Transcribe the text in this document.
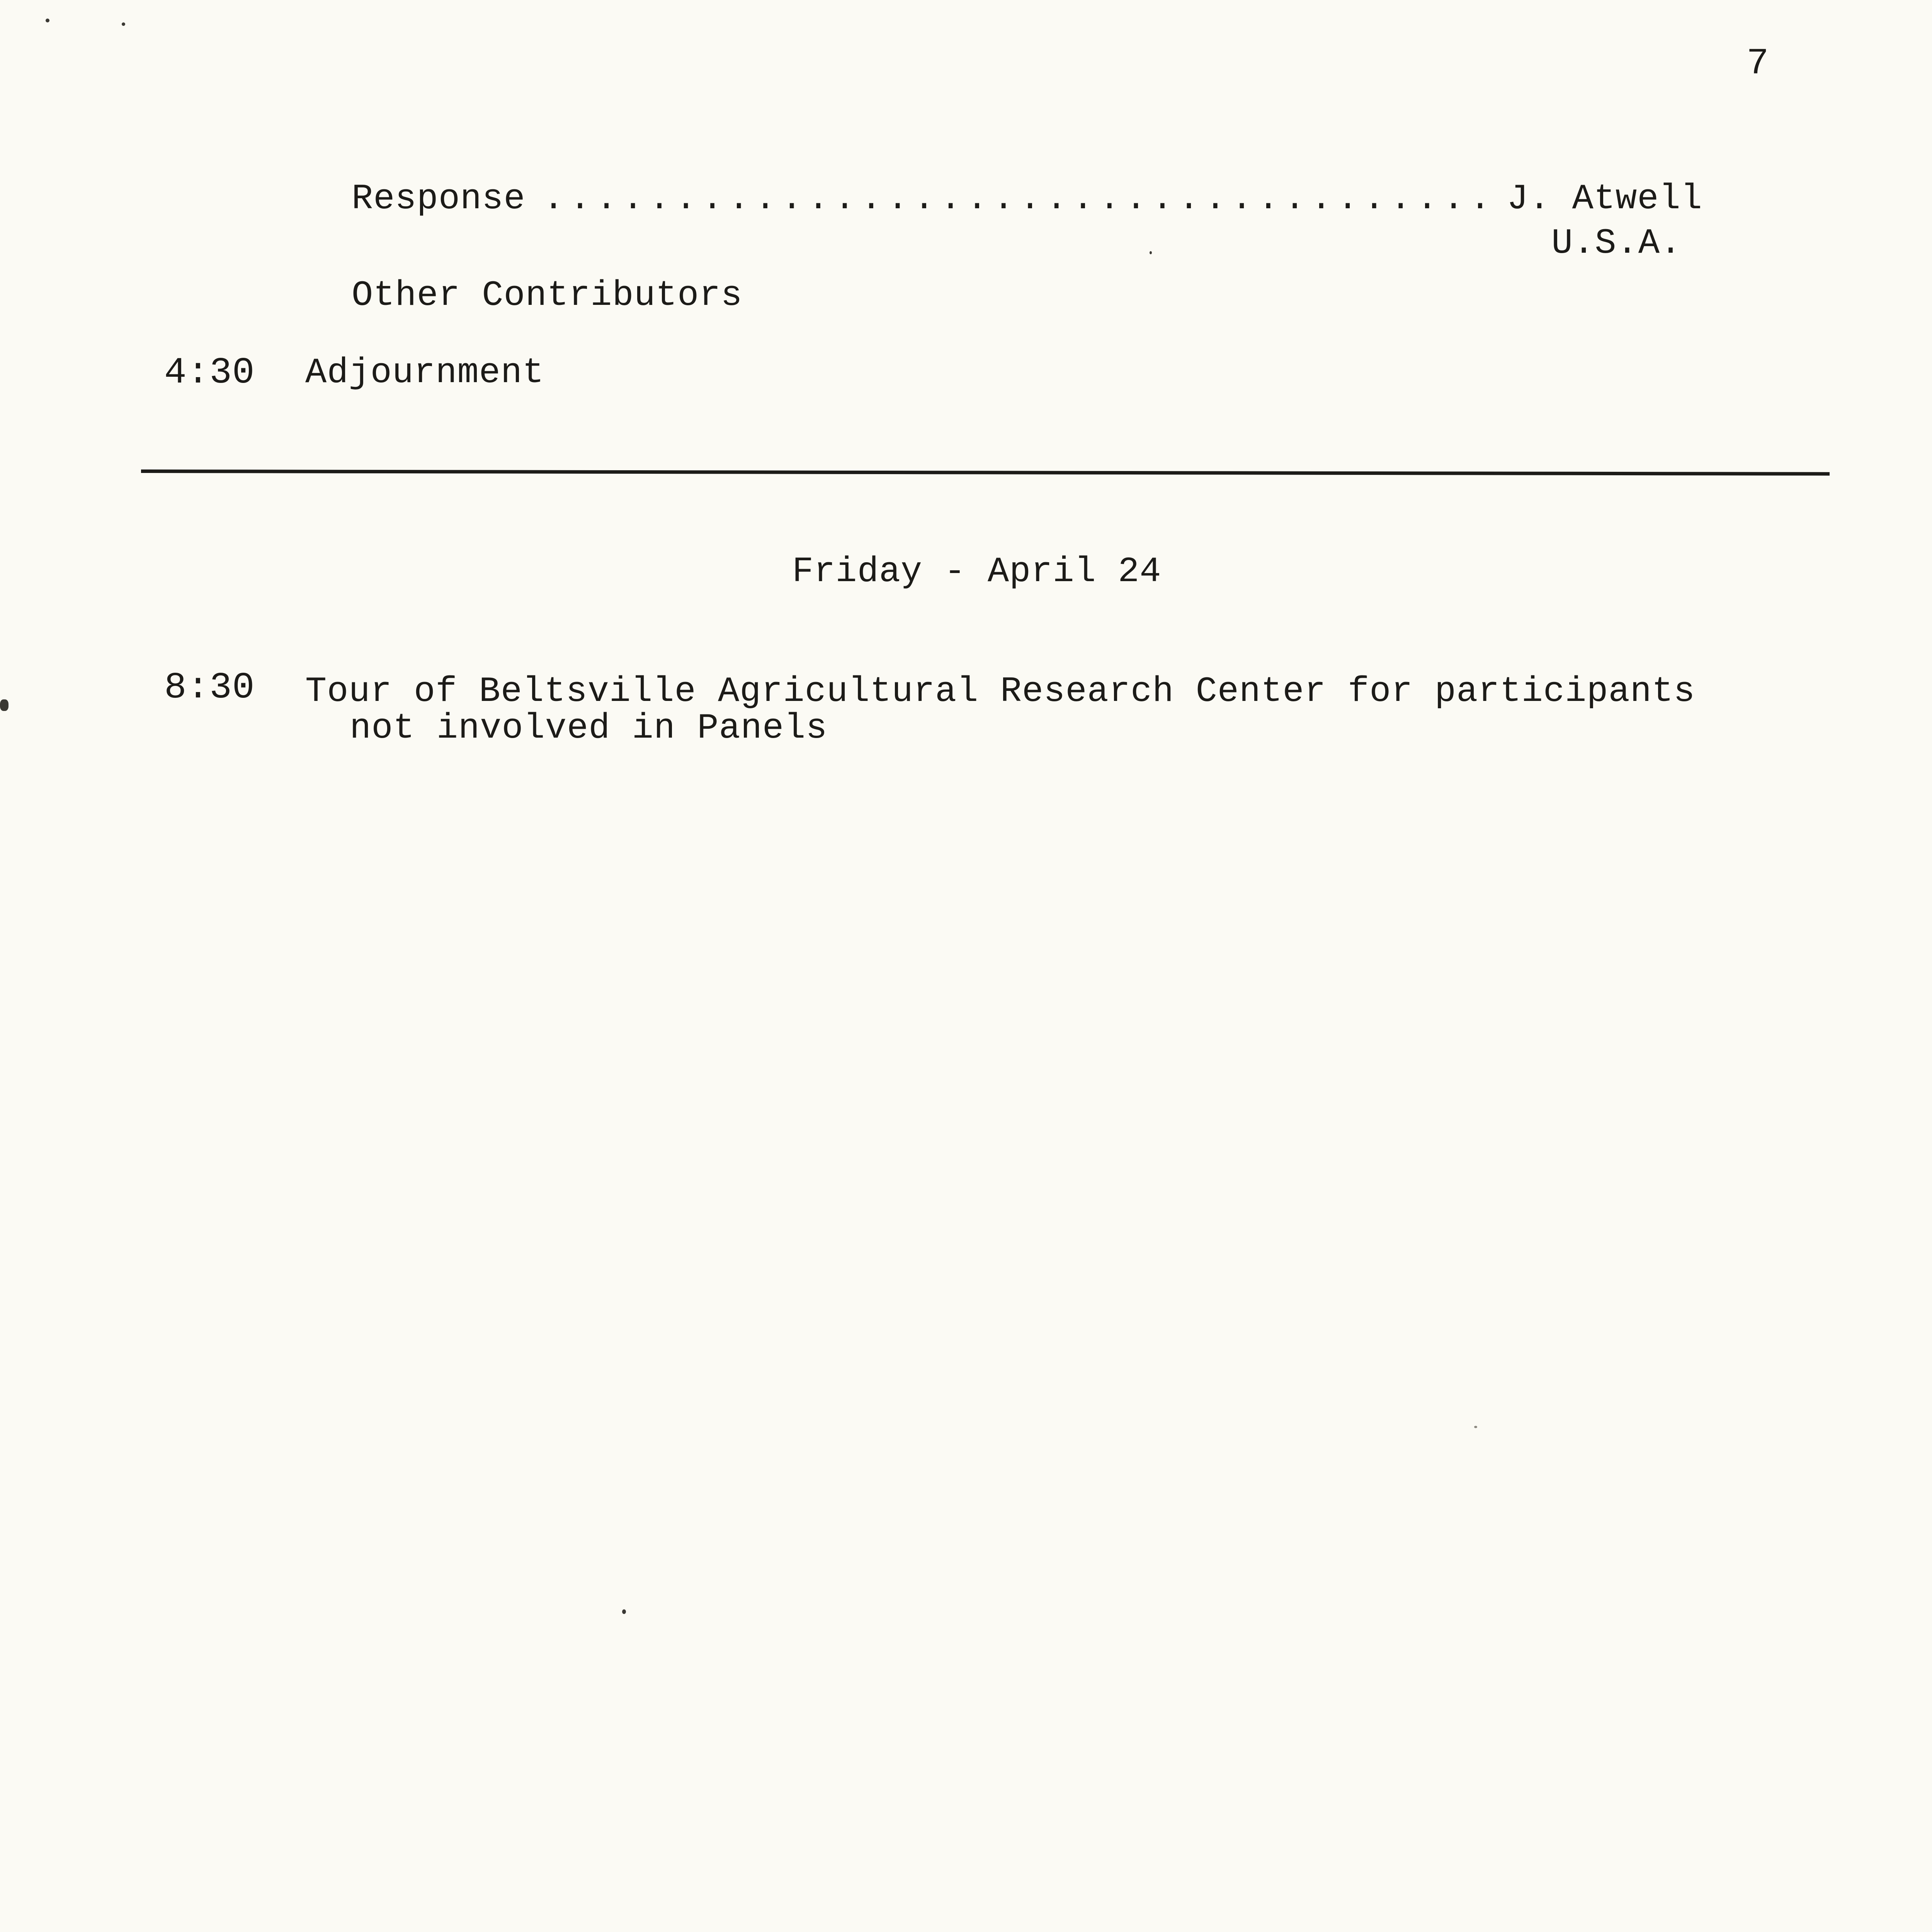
7
Response .................................... J. Atwell
U.S.A.
Other Contributors
4:30 Adjournment
Friday - April 24
8:30 Tour of Beltsville Agricultural Research Center for participants
not involved in Panels
